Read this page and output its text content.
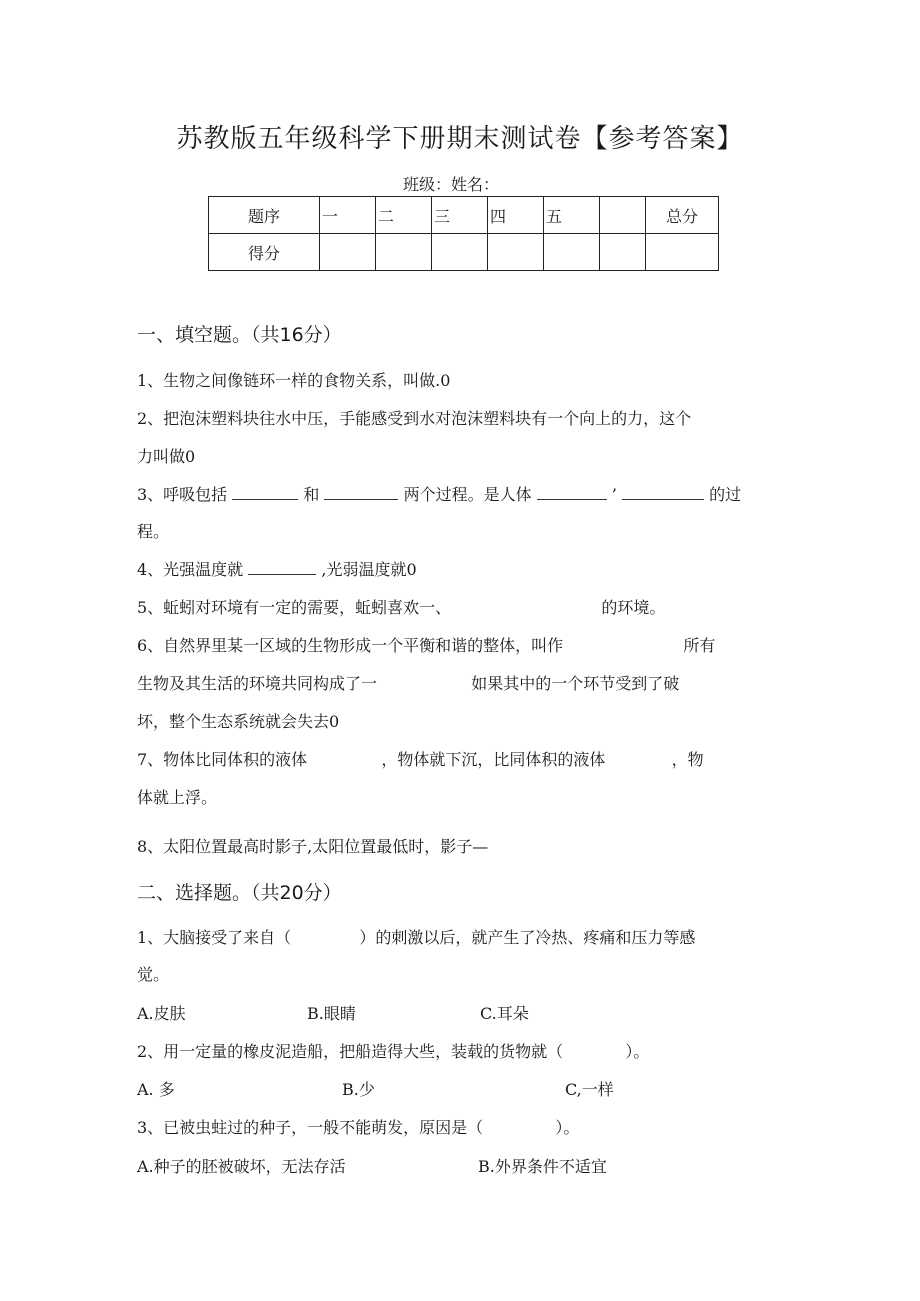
苏教版五年级科学下册期末测试卷【参考答案】
班级：姓名：
题序	一	二	三	四	五		总分
得分							
一、填空题。（共16分）
1、生物之间像链环一样的食物关系，叫做.0
2、把泡沫塑料块往水中压，手能感受到水对泡沫塑料块有一个向上的力，这个
力叫做0
3、呼吸包括	和	两个过程。是人体	’	的过
程。
4、光强温度就	,光弱温度就0
5、蚯蚓对环境有一定的需要，蚯蚓喜欢一、	的环境。
6、自然界里某一区域的生物形成一个平衡和谐的整体，叫作	所有
生物及其生活的环境共同构成了一	如果其中的一个环节受到了破
坏，整个生态系统就会失去0
7、物体比同体积的液体	，物体就下沉，比同体积的液体	，物
体就上浮。
8、太阳位置最高时影子,太阳位置最低时，影子—
二、选择题。（共20分）
1、大脑接受了来自（	）的刺激以后，就产生了冷热、疼痛和压力等感
觉。
A.皮肤	B.眼睛	C.耳朵
2、用一定量的橡皮泥造船，把船造得大些，装载的货物就（	）。
A. 多	B.少	C,一样
3、已被虫蛀过的种子，一般不能萌发，原因是（	）。
A.种子的胚被破坏，无法存活	B.外界条件不适宜
